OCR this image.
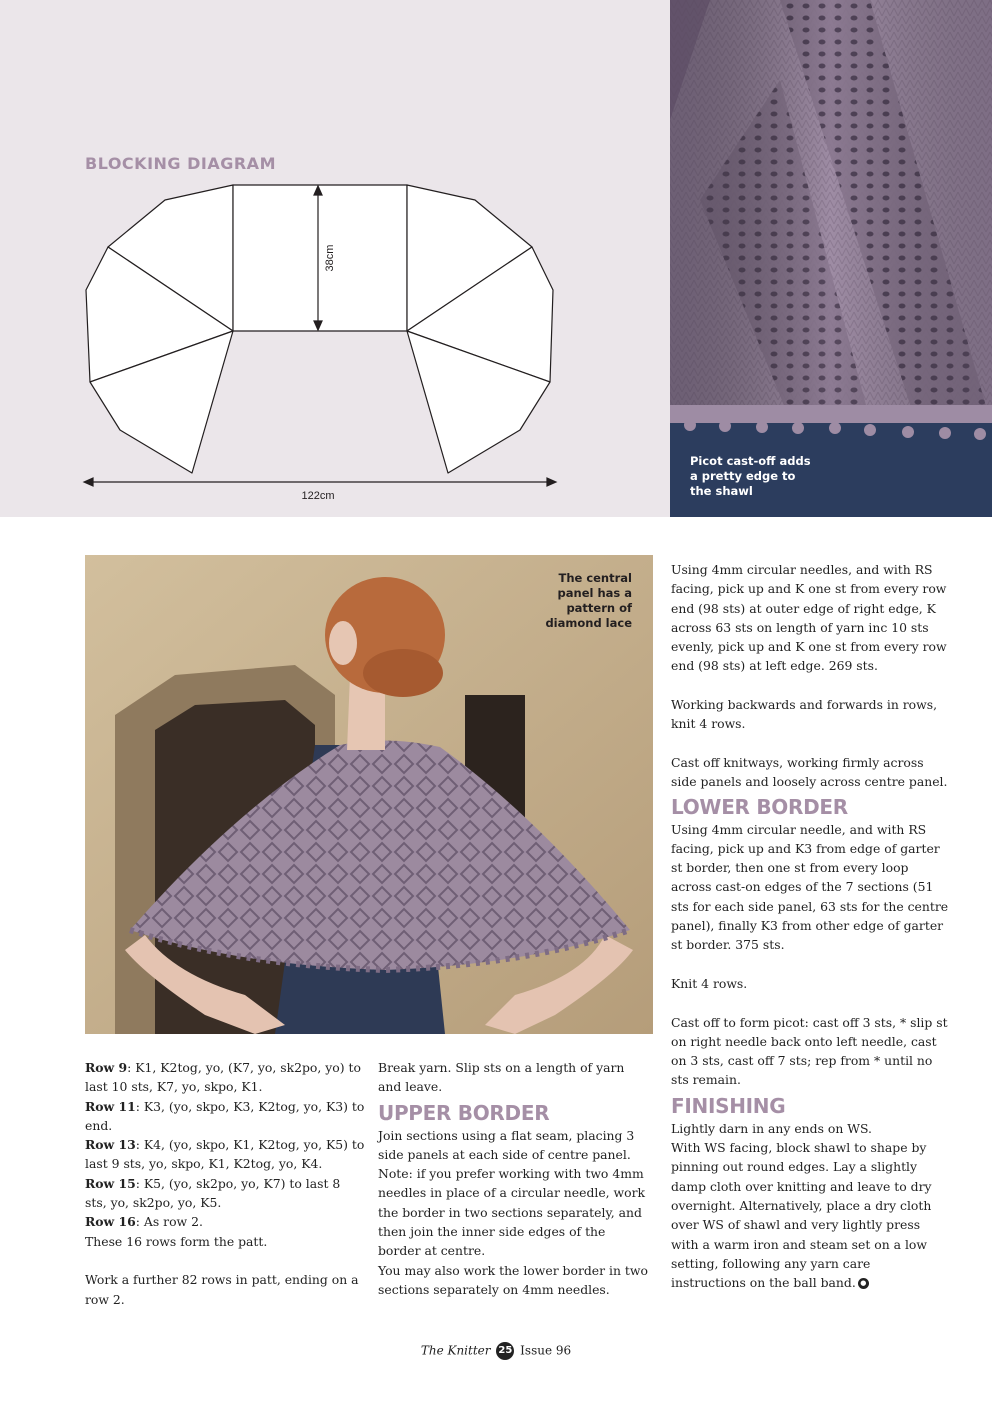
BLOCKING DIAGRAM
38cm
122cm
Picot cast-off adds a pretty edge to the shawl
The central panel has a pattern of diamond lace

Row 9: K1, K2tog, yo, (K7, yo, sk2po, yo) to last 10 sts, K7, yo, skpo, K1.

Row 11: K3, (yo, skpo, K3, K2tog, yo, K3) to end.

Row 13: K4, (yo, skpo, K1, K2tog, yo, K5) to last 9 sts, yo, skpo, K1, K2tog, yo, K4.

Row 15: K5, (yo, sk2po, yo, K7) to last 8 sts, yo, sk2po, yo, K5.

Row 16: As row 2.

These 16 rows form the patt.

Work a further 82 rows in patt, ending on a row 2.

Break yarn. Slip sts on a length of yarn and leave.

UPPER BORDER

Join sections using a flat seam, placing 3 side panels at each side of centre panel.

Note: if you prefer working with two 4mm needles in place of a circular needle, work the border in two sections separately, and then join the inner side edges of the border at centre.

You may also work the lower border in two sections separately on 4mm needles.

Using 4mm circular needles, and with RS facing, pick up and K one st from every row end (98 sts) at outer edge of right edge, K across 63 sts on length of yarn inc 10 sts evenly, pick up and K one st from every row end (98 sts) at left edge. 269 sts.

Working backwards and forwards in rows, knit 4 rows.

Cast off knitways, working firmly across side panels and loosely across centre panel.

LOWER BORDER

Using 4mm circular needle, and with RS facing, pick up and K3 from edge of garter st border, then one st from every loop across cast-on edges of the 7 sections (51 sts for each side panel, 63 sts for the centre panel), finally K3 from other edge of garter st border. 375 sts.

Knit 4 rows.

Cast off to form picot: cast off 3 sts, * slip st on right needle back onto left needle, cast on 3 sts, cast off 7 sts; rep from * until no sts remain.

FINISHING

Lightly darn in any ends on WS.

With WS facing, block shawl to shape by pinning out round edges. Lay a slightly damp cloth over knitting and leave to dry overnight. Alternatively, place a dry cloth over WS of shawl and very lightly press with a warm iron and steam set on a low setting, following any yarn care instructions on the ball band. ●

The Knitter 25 Issue 96
